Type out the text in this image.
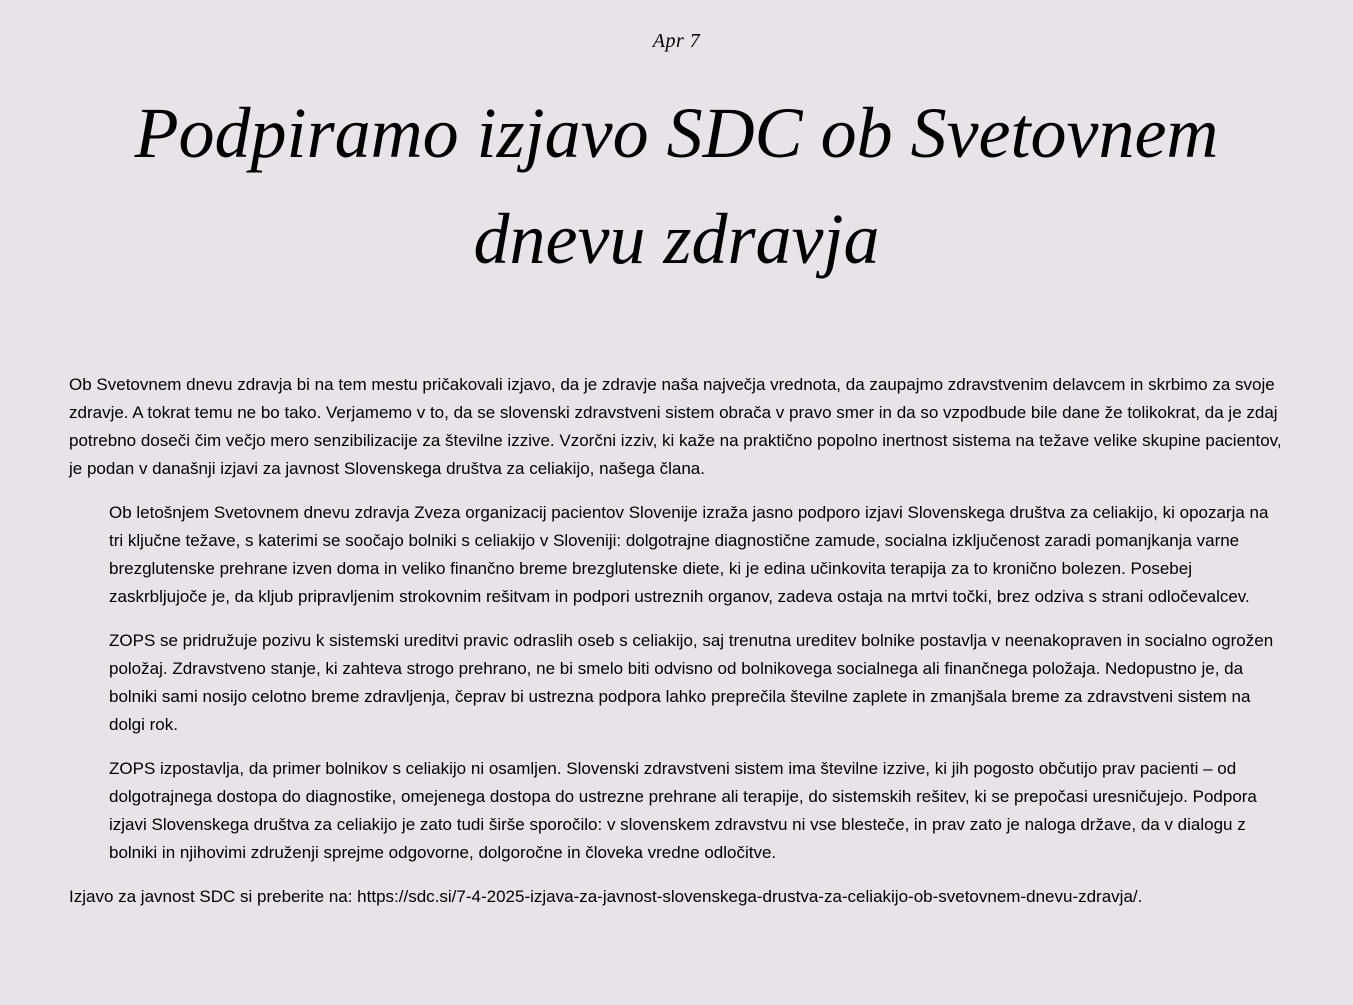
Apr 7
Podpiramo izjavo SDC ob Svetovnem dnevu zdravja

Ob Svetovnem dnevu zdravja bi na tem mestu pričakovali izjavo, da je zdravje naša največja vrednota, da zaupajmo zdravstvenim delavcem in skrbimo za svoje zdravje. A tokrat temu ne bo tako. Verjamemo v to, da se slovenski zdravstveni sistem obrača v pravo smer in da so vzpodbude bile dane že tolikokrat, da je zdaj potrebno doseči čim večjo mero senzibilizacije za številne izzive. Vzorčni izziv, ki kaže na praktično popolno inertnost sistema na težave velike skupine pacientov, je podan v današnji izjavi za javnost Slovenskega društva za celiakijo, našega člana.

Ob letošnjem Svetovnem dnevu zdravja Zveza organizacij pacientov Slovenije izraža jasno podporo izjavi Slovenskega društva za celiakijo, ki opozarja na tri ključne težave, s katerimi se soočajo bolniki s celiakijo v Sloveniji: dolgotrajne diagnostične zamude, socialna izključenost zaradi pomanjkanja varne brezglutenske prehrane izven doma in veliko finančno breme brezglutenske diete, ki je edina učinkovita terapija za to kronično bolezen. Posebej zaskrbljujoče je, da kljub pripravljenim strokovnim rešitvam in podpori ustreznih organov, zadeva ostaja na mrtvi točki, brez odziva s strani odločevalcev.

ZOPS se pridružuje pozivu k sistemski ureditvi pravic odraslih oseb s celiakijo, saj trenutna ureditev bolnike postavlja v neenakopraven in socialno ogrožen položaj. Zdravstveno stanje, ki zahteva strogo prehrano, ne bi smelo biti odvisno od bolnikovega socialnega ali finančnega položaja. Nedopustno je, da bolniki sami nosijo celotno breme zdravljenja, čeprav bi ustrezna podpora lahko preprečila številne zaplete in zmanjšala breme za zdravstveni sistem na dolgi rok.

ZOPS izpostavlja, da primer bolnikov s celiakijo ni osamljen. Slovenski zdravstveni sistem ima številne izzive, ki jih pogosto občutijo prav pacienti – od dolgotrajnega dostopa do diagnostike, omejenega dostopa do ustrezne prehrane ali terapije, do sistemskih rešitev, ki se prepočasi uresničujejo. Podpora izjavi Slovenskega društva za celiakijo je zato tudi širše sporočilo: v slovenskem zdravstvu ni vse blesteče, in prav zato je naloga države, da v dialogu z bolniki in njihovimi združenji sprejme odgovorne, dolgoročne in človeka vredne odločitve.

Izjavo za javnost SDC si preberite na: https://sdc.si/7-4-2025-izjava-za-javnost-slovenskega-drustva-za-celiakijo-ob-svetovnem-dnevu-zdravja/.
